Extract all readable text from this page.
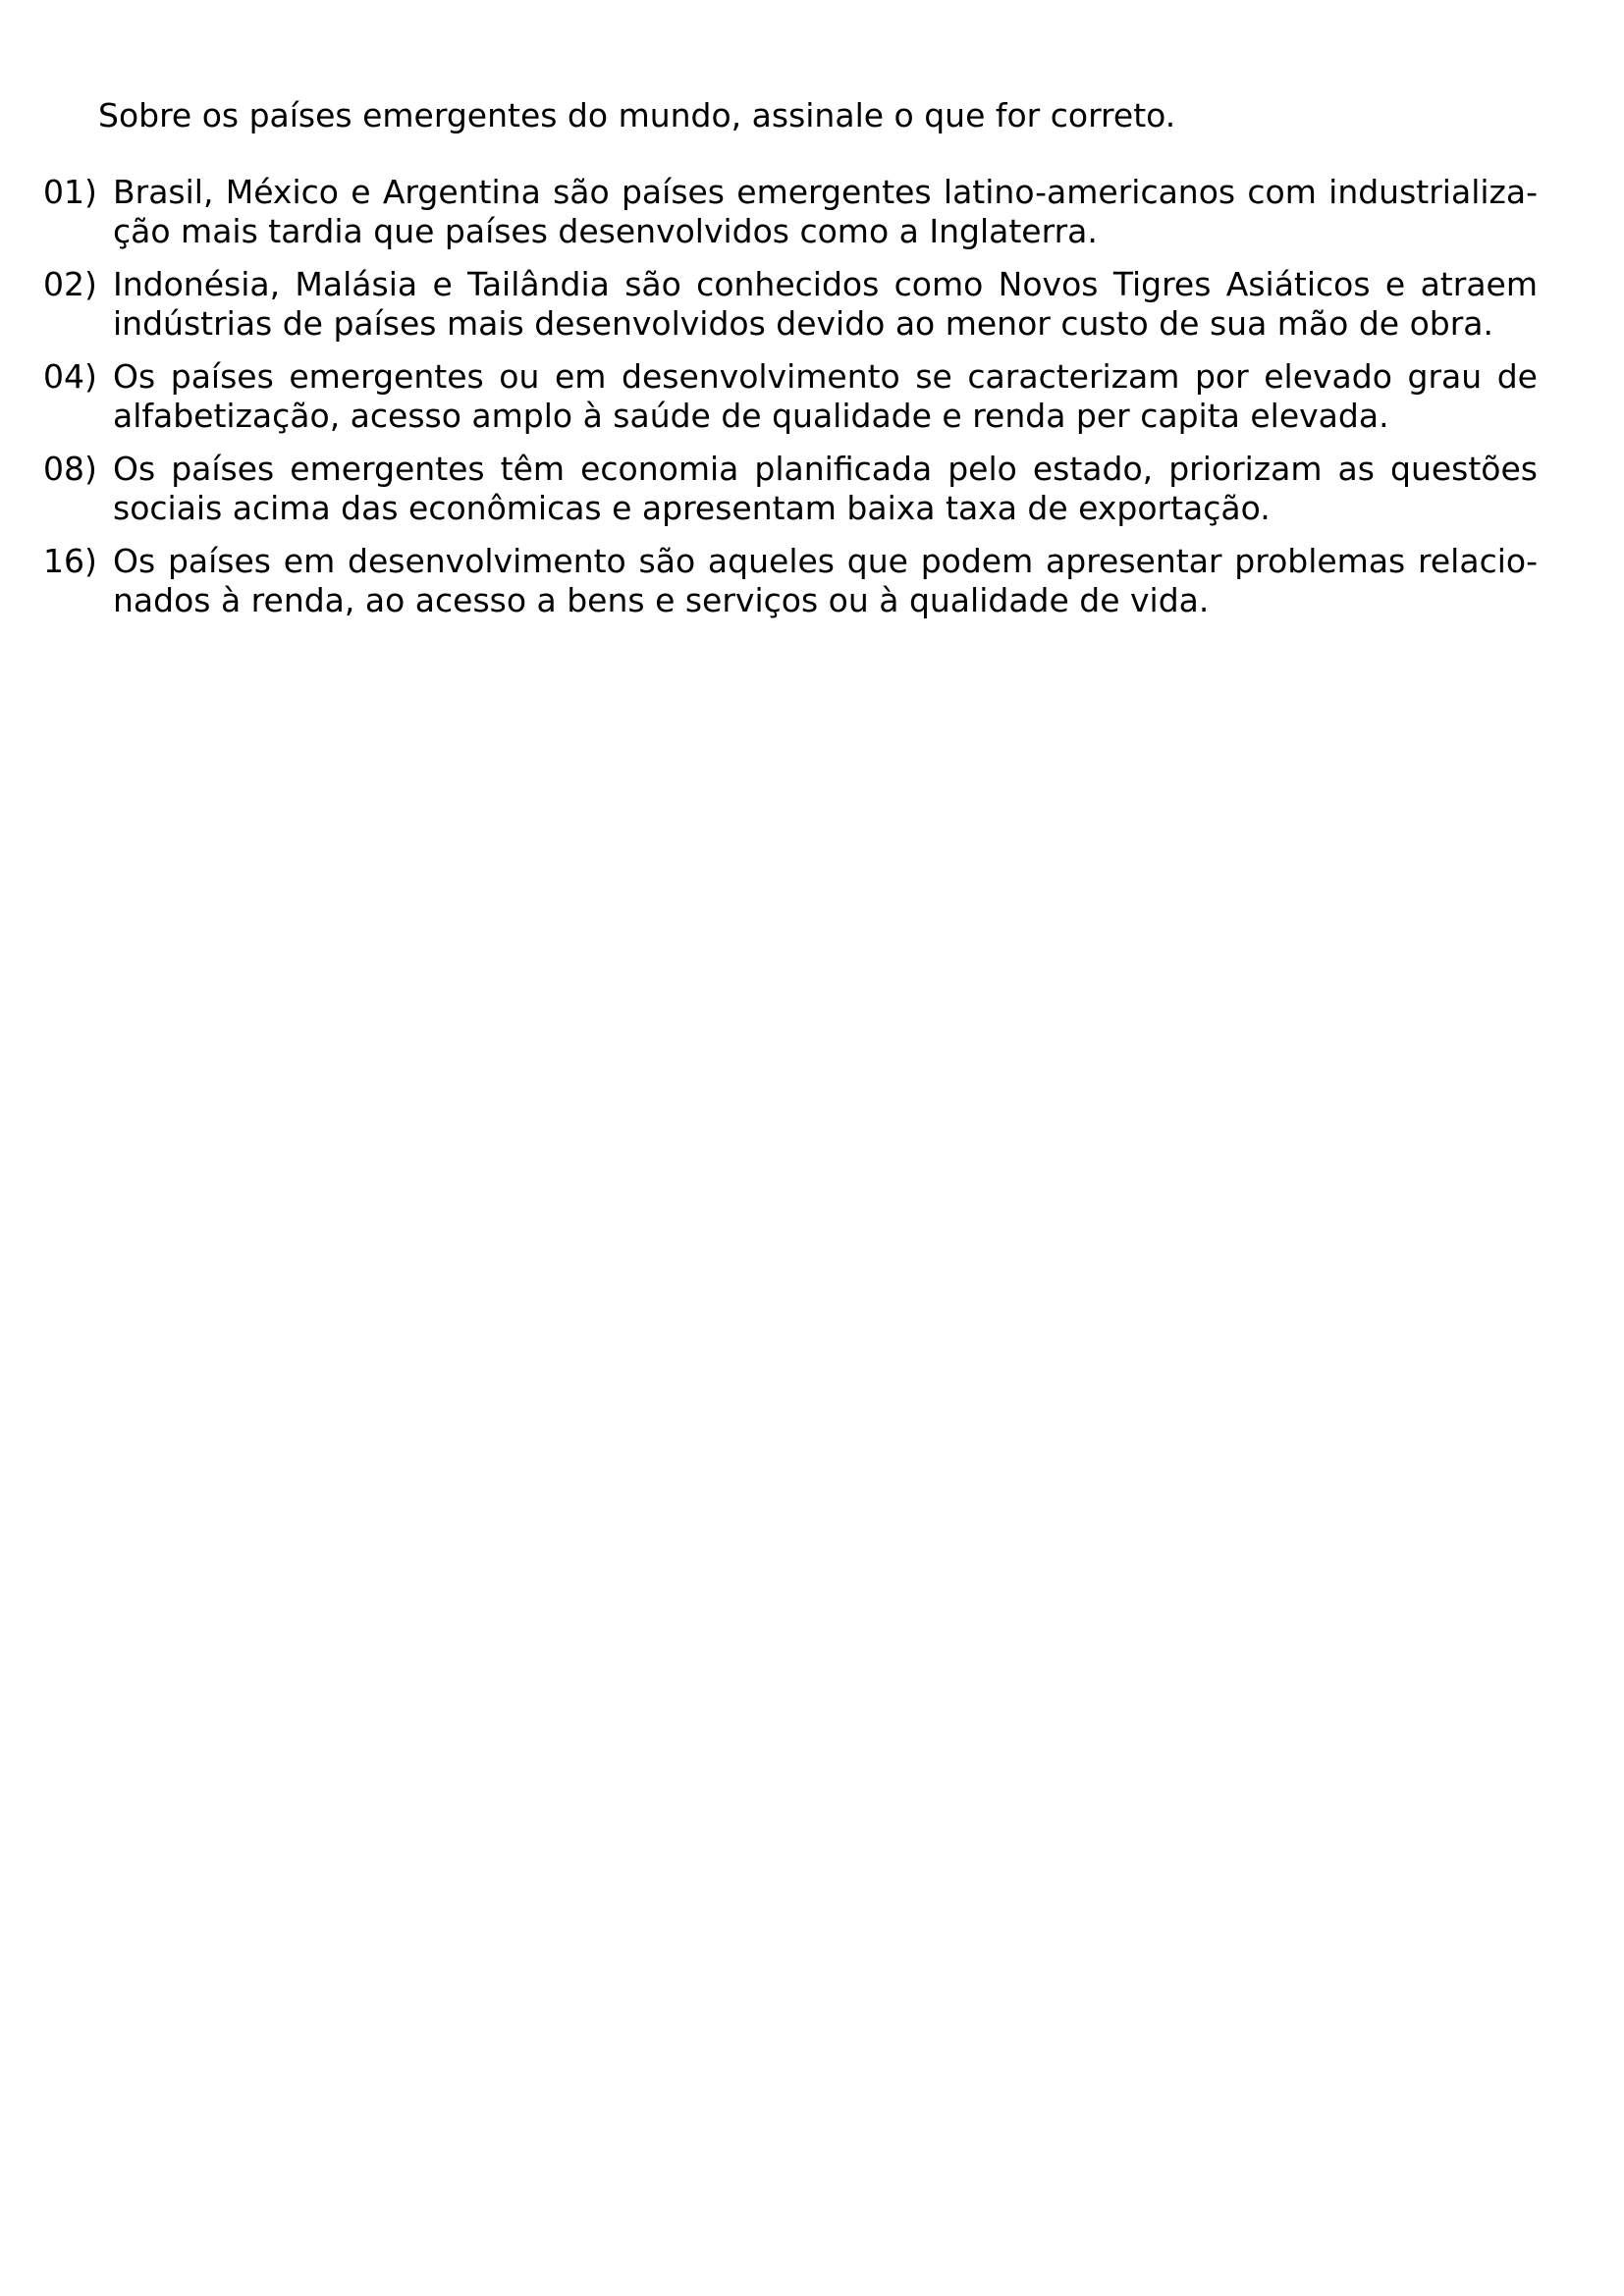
Sobre os países emergentes do mundo, assinale o que for correto.

01) Brasil, México e Argentina são países emergentes latino-americanos com industrialização mais tardia que países desenvolvidos como a Inglaterra.
02) Indonésia, Malásia e Tailândia são conhecidos como Novos Tigres Asiáticos e atraem indústrias de países mais desenvolvidos devido ao menor custo de sua mão de obra.
04) Os países emergentes ou em desenvolvimento se caracterizam por elevado grau de alfabetização, acesso amplo à saúde de qualidade e renda per capita elevada.
08) Os países emergentes têm economia planificada pelo estado, priorizam as questões sociais acima das econômicas e apresentam baixa taxa de exportação.
16) Os países em desenvolvimento são aqueles que podem apresentar problemas relacionados à renda, ao acesso a bens e serviços ou à qualidade de vida.
